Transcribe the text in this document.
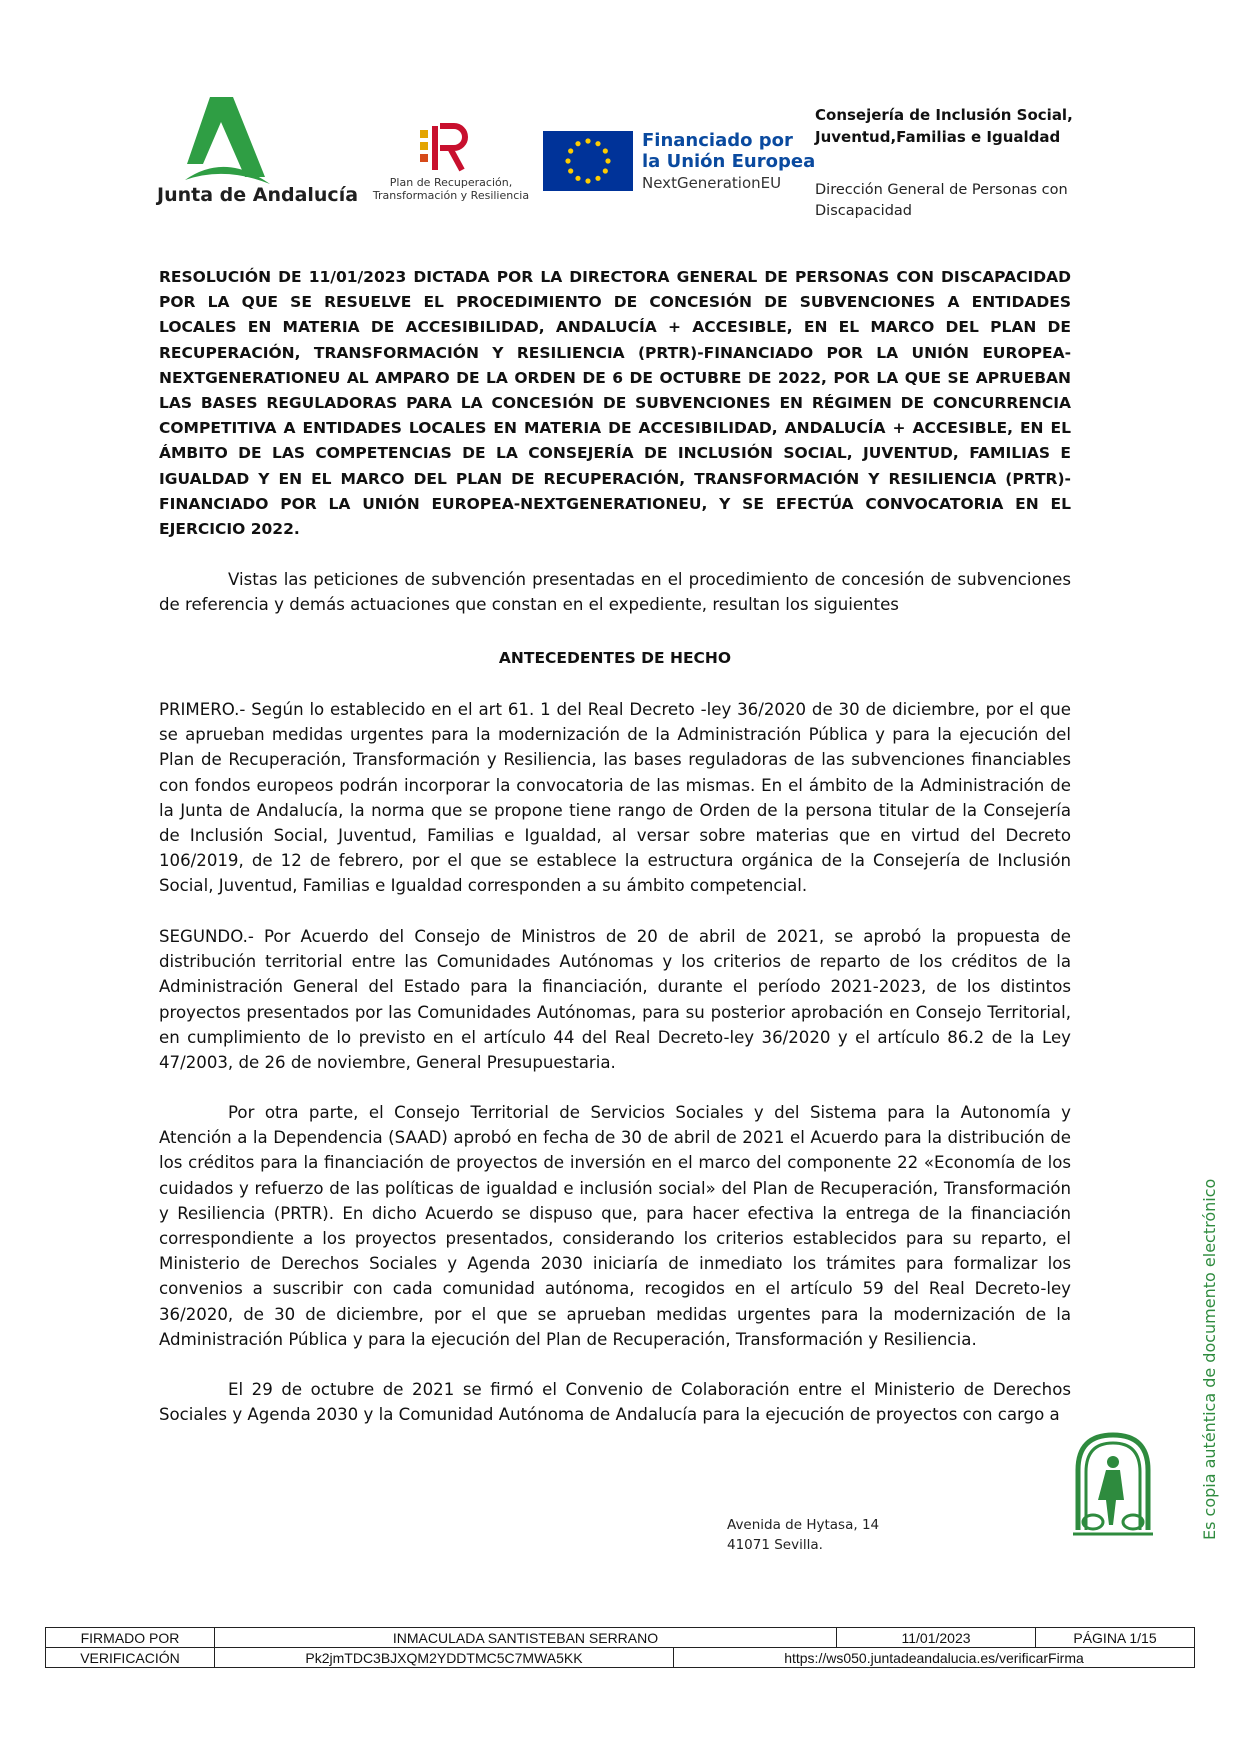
Junta de Andalucía
Plan de Recuperación, Transformación y Resiliencia
Financiado por
la Unión Europea
NextGenerationEU
Consejería de Inclusión Social, Juventud,Familias e Igualdad
Dirección General de Personas con Discapacidad
RESOLUCIÓN DE 11/01/2023 DICTADA POR LA DIRECTORA GENERAL DE PERSONAS CON DISCAPACIDAD POR LA QUE SE RESUELVE EL PROCEDIMIENTO DE CONCESIÓN DE SUBVENCIONES A ENTIDADES LOCALES EN MATERIA DE ACCESIBILIDAD, ANDALUCÍA + ACCESIBLE, EN EL MARCO DEL PLAN DE RECUPERACIÓN, TRANSFORMACIÓN Y RESILIENCIA (PRTR)-FINANCIADO POR LA UNIÓN EUROPEA-NEXTGENERATIONEU AL AMPARO DE LA ORDEN DE 6 DE OCTUBRE DE 2022, POR LA QUE SE APRUEBAN LAS BASES REGULADORAS PARA LA CONCESIÓN DE SUBVENCIONES EN RÉGIMEN DE CONCURRENCIA COMPETITIVA A ENTIDADES LOCALES EN MATERIA DE ACCESIBILIDAD, ANDALUCÍA + ACCESIBLE, EN EL ÁMBITO DE LAS COMPETENCIAS DE LA CONSEJERÍA DE INCLUSIÓN SOCIAL, JUVENTUD, FAMILIAS E IGUALDAD Y EN EL MARCO DEL PLAN DE RECUPERACIÓN, TRANSFORMACIÓN Y RESILIENCIA (PRTR)-FINANCIADO POR LA UNIÓN EUROPEA-NEXTGENERATIONEU, Y SE EFECTÚA CONVOCATORIA EN EL EJERCICIO 2022.
Vistas las peticiones de subvención presentadas en el procedimiento de concesión de subvenciones de referencia y demás actuaciones que constan en el expediente, resultan los siguientes
ANTECEDENTES DE HECHO
PRIMERO.- Según lo establecido en el art 61. 1 del Real Decreto -ley 36/2020 de 30 de diciembre, por el que se aprueban medidas urgentes para la modernización de la Administración Pública y para la ejecución del Plan de Recuperación, Transformación y Resiliencia, las bases reguladoras de las subvenciones financiables con fondos europeos podrán incorporar la convocatoria de las mismas. En el ámbito de la Administración de la Junta de Andalucía, la norma que se propone tiene rango de Orden de la persona titular de la Consejería de Inclusión Social, Juventud, Familias e Igualdad, al versar sobre materias que en virtud del Decreto 106/2019, de 12 de febrero, por el que se establece la estructura orgánica de la Consejería de Inclusión Social, Juventud, Familias e Igualdad corresponden a su ámbito competencial.
SEGUNDO.- Por Acuerdo del Consejo de Ministros de 20 de abril de 2021, se aprobó la propuesta de distribución territorial entre las Comunidades Autónomas y los criterios de reparto de los créditos de la Administración General del Estado para la financiación, durante el período 2021-2023, de los distintos proyectos presentados por las Comunidades Autónomas, para su posterior aprobación en Consejo Territorial, en cumplimiento de lo previsto en el artículo 44 del Real Decreto-ley 36/2020 y el artículo 86.2 de la Ley 47/2003, de 26 de noviembre, General Presupuestaria.
Por otra parte, el Consejo Territorial de Servicios Sociales y del Sistema para la Autonomía y Atención a la Dependencia (SAAD) aprobó en fecha de 30 de abril de 2021 el Acuerdo para la distribución de los créditos para la financiación de proyectos de inversión en el marco del componente 22 «Economía de los cuidados y refuerzo de las políticas de igualdad e inclusión social» del Plan de Recuperación, Transformación y Resiliencia (PRTR). En dicho Acuerdo se dispuso que, para hacer efectiva la entrega de la financiación correspondiente a los proyectos presentados, considerando los criterios establecidos para su reparto, el Ministerio de Derechos Sociales y Agenda 2030 iniciaría de inmediato los trámites para formalizar los convenios a suscribir con cada comunidad autónoma, recogidos en el artículo 59 del Real Decreto-ley 36/2020, de 30 de diciembre, por el que se aprueban medidas urgentes para la modernización de la Administración Pública y para la ejecución del Plan de Recuperación, Transformación y Resiliencia.
El 29 de octubre de 2021 se firmó el Convenio de Colaboración entre el Ministerio de Derechos Sociales y Agenda 2030 y la Comunidad Autónoma de Andalucía para la ejecución de proyectos con cargo a
Avenida de Hytasa, 14
41071 Sevilla.
Es copia auténtica de documento electrónico
FIRMADO POR	INMACULADA SANTISTEBAN SERRANO		11/01/2023	PÁGINA 1/15
VERIFICACIÓN	Pk2jmTDC3BJXQM2YDDTMC5C7MWA5KK	https://ws050.juntadeandalucia.es/verificarFirma		
